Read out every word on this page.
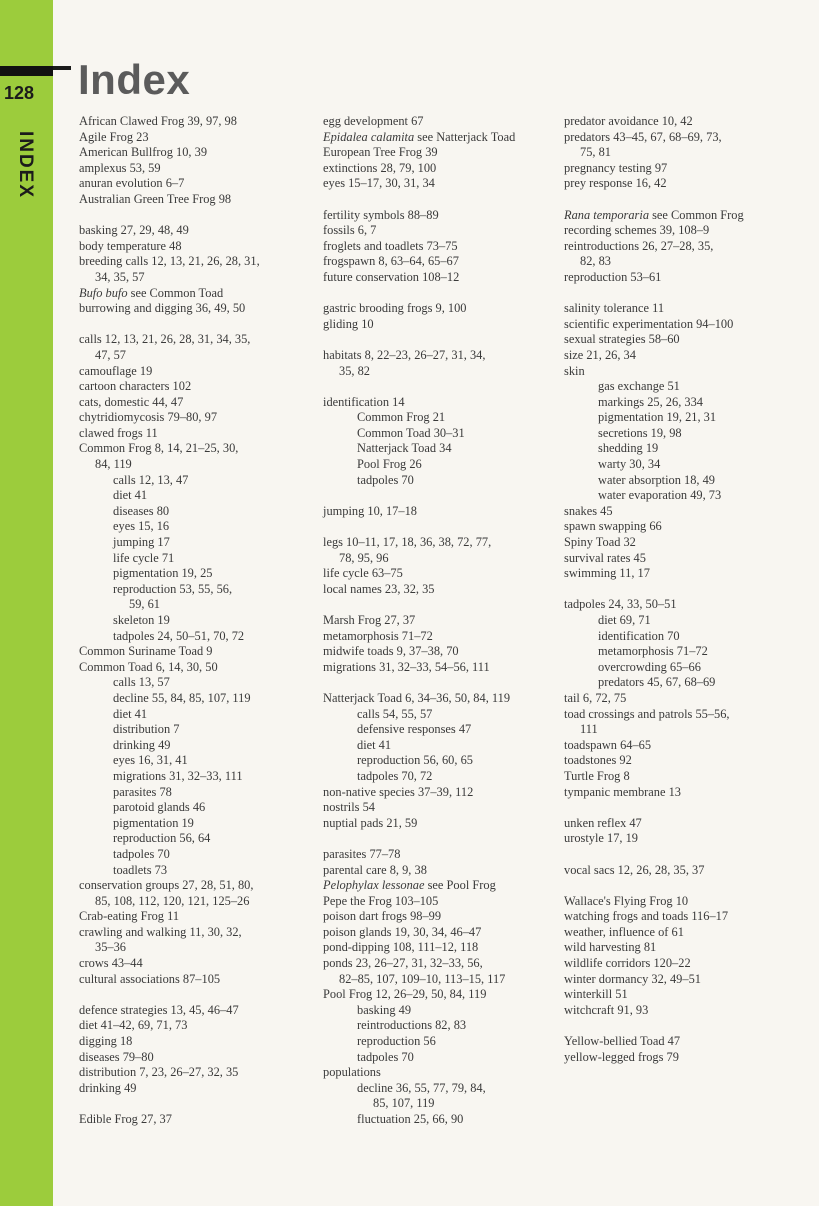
128
INDEX
Index
African Clawed Frog 39, 97, 98
Agile Frog 23
American Bullfrog 10, 39
amplexus 53, 59
anuran evolution 6–7
Australian Green Tree Frog 98
basking 27, 29, 48, 49
body temperature 48
breeding calls 12, 13, 21, 26, 28, 31,
34, 35, 57
Bufo bufo see Common Toad
burrowing and digging 36, 49, 50
calls 12, 13, 21, 26, 28, 31, 34, 35,
47, 57
camouflage 19
cartoon characters 102
cats, domestic 44, 47
chytridiomycosis 79–80, 97
clawed frogs 11
Common Frog 8, 14, 21–25, 30,
84, 119
calls 12, 13, 47
diet 41
diseases 80
eyes 15, 16
jumping 17
life cycle 71
pigmentation 19, 25
reproduction 53, 55, 56,
59, 61
skeleton 19
tadpoles 24, 50–51, 70, 72
Common Suriname Toad 9
Common Toad 6, 14, 30, 50
calls 13, 57
decline 55, 84, 85, 107, 119
diet 41
distribution 7
drinking 49
eyes 16, 31, 41
migrations 31, 32–33, 111
parasites 78
parotoid glands 46
pigmentation 19
reproduction 56, 64
tadpoles 70
toadlets 73
conservation groups 27, 28, 51, 80,
85, 108, 112, 120, 121, 125–26
Crab-eating Frog 11
crawling and walking 11, 30, 32,
35–36
crows 43–44
cultural associations 87–105
defence strategies 13, 45, 46–47
diet 41–42, 69, 71, 73
digging 18
diseases 79–80
distribution 7, 23, 26–27, 32, 35
drinking 49
Edible Frog 27, 37
egg development 67
Epidalea calamita see Natterjack Toad
European Tree Frog 39
extinctions 28, 79, 100
eyes 15–17, 30, 31, 34
fertility symbols 88–89
fossils 6, 7
froglets and toadlets 73–75
frogspawn 8, 63–64, 65–67
future conservation 108–12
gastric brooding frogs 9, 100
gliding 10
habitats 8, 22–23, 26–27, 31, 34,
35, 82
identification 14
Common Frog 21
Common Toad 30–31
Natterjack Toad 34
Pool Frog 26
tadpoles 70
jumping 10, 17–18
legs 10–11, 17, 18, 36, 38, 72, 77,
78, 95, 96
life cycle 63–75
local names 23, 32, 35
Marsh Frog 27, 37
metamorphosis 71–72
midwife toads 9, 37–38, 70
migrations 31, 32–33, 54–56, 111
Natterjack Toad 6, 34–36, 50, 84, 119
calls 54, 55, 57
defensive responses 47
diet 41
reproduction 56, 60, 65
tadpoles 70, 72
non-native species 37–39, 112
nostrils 54
nuptial pads 21, 59
parasites 77–78
parental care 8, 9, 38
Pelophylax lessonae see Pool Frog
Pepe the Frog 103–105
poison dart frogs 98–99
poison glands 19, 30, 34, 46–47
pond-dipping 108, 111–12, 118
ponds 23, 26–27, 31, 32–33, 56,
82–85, 107, 109–10, 113–15, 117
Pool Frog 12, 26–29, 50, 84, 119
basking 49
reintroductions 82, 83
reproduction 56
tadpoles 70
populations
decline 36, 55, 77, 79, 84,
85, 107, 119
fluctuation 25, 66, 90
predator avoidance 10, 42
predators 43–45, 67, 68–69, 73,
75, 81
pregnancy testing 97
prey response 16, 42
Rana temporaria see Common Frog
recording schemes 39, 108–9
reintroductions 26, 27–28, 35,
82, 83
reproduction 53–61
salinity tolerance 11
scientific experimentation 94–100
sexual strategies 58–60
size 21, 26, 34
skin
gas exchange 51
markings 25, 26, 334
pigmentation 19, 21, 31
secretions 19, 98
shedding 19
warty 30, 34
water absorption 18, 49
water evaporation 49, 73
snakes 45
spawn swapping 66
Spiny Toad 32
survival rates 45
swimming 11, 17
tadpoles 24, 33, 50–51
diet 69, 71
identification 70
metamorphosis 71–72
overcrowding 65–66
predators 45, 67, 68–69
tail 6, 72, 75
toad crossings and patrols 55–56,
111
toadspawn 64–65
toadstones 92
Turtle Frog 8
tympanic membrane 13
unken reflex 47
urostyle 17, 19
vocal sacs 12, 26, 28, 35, 37
Wallace's Flying Frog 10
watching frogs and toads 116–17
weather, influence of 61
wild harvesting 81
wildlife corridors 120–22
winter dormancy 32, 49–51
winterkill 51
witchcraft 91, 93
Yellow-bellied Toad 47
yellow-legged frogs 79
